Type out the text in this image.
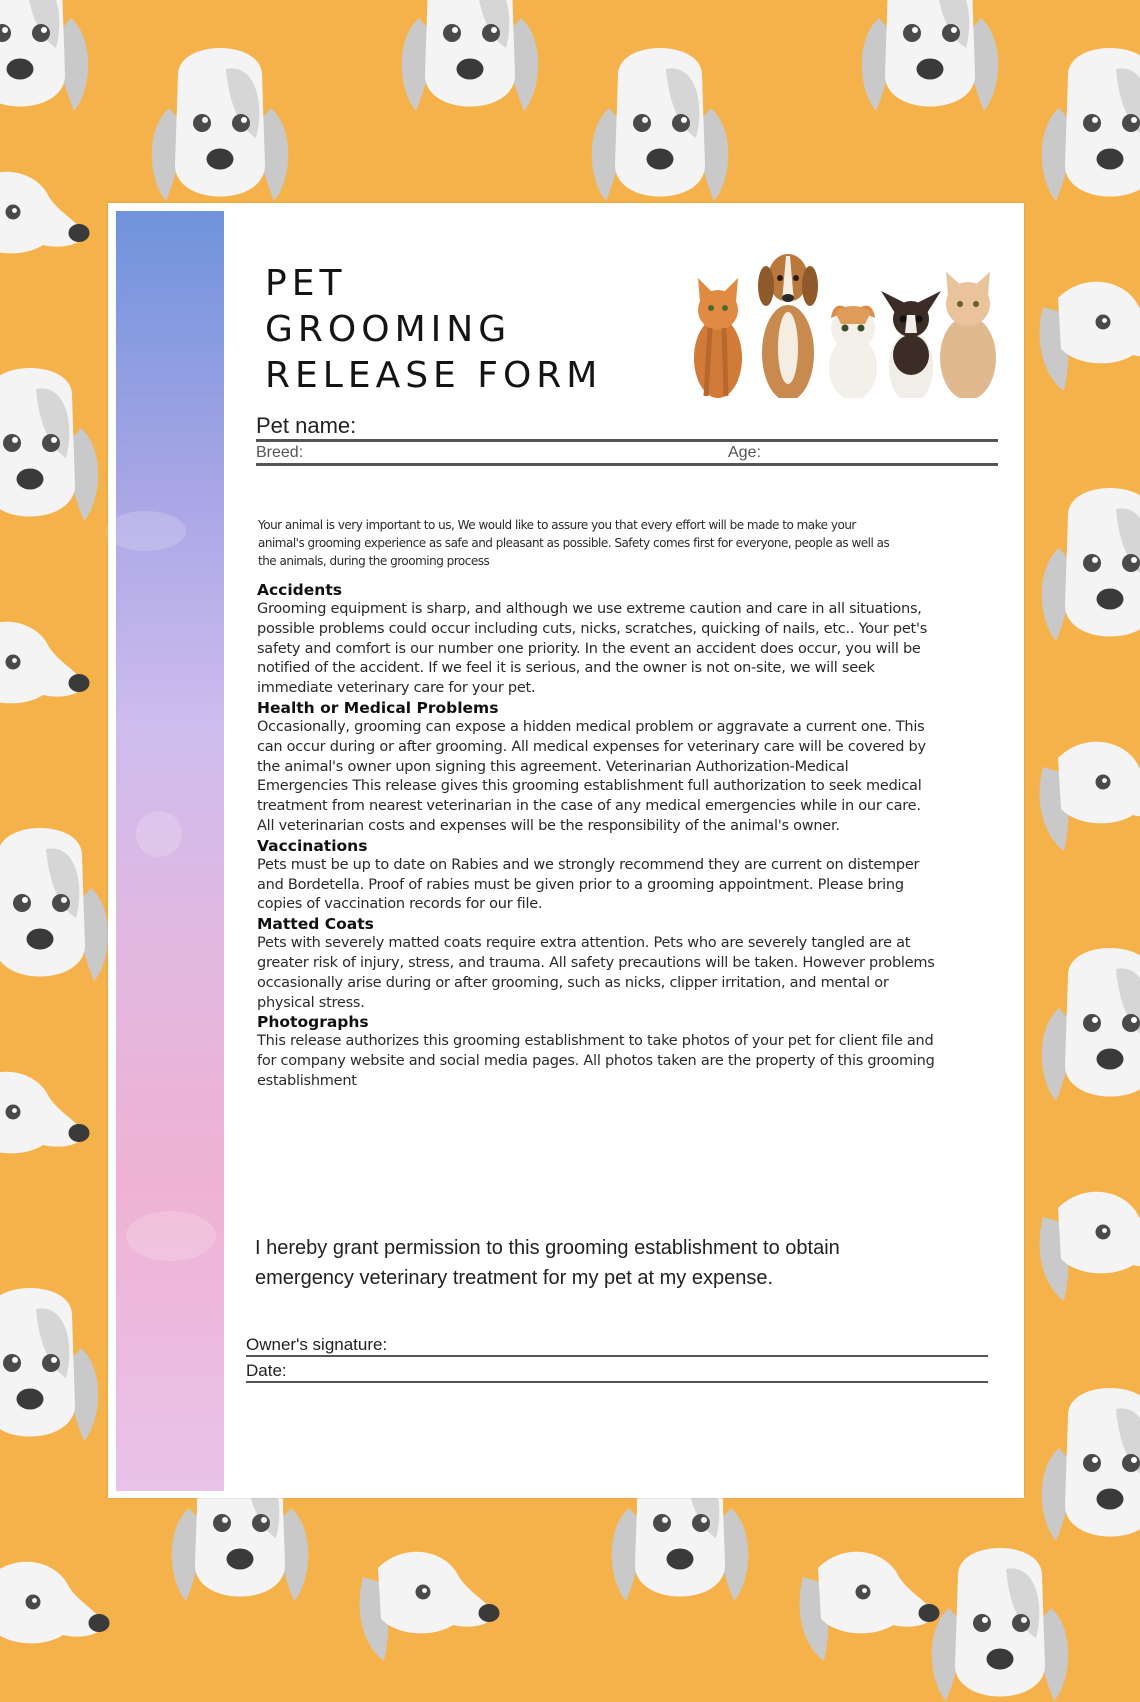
PET
GROOMING
RELEASE FORM
Pet name:
Breed:	Age:

Your animal is very important to us, We would like to assure you that every effort will be made to make your animal's grooming experience as safe and pleasant as possible. Safety comes first for everyone, people as well as the animals, during the grooming process

Accidents

Grooming equipment is sharp, and although we use extreme caution and care in all situations, possible problems could occur including cuts, nicks, scratches, quicking of nails, etc.. Your pet's safety and comfort is our number one priority. In the event an accident does occur, you will be notified of the accident. If we feel it is serious, and the owner is not on-site, we will seek immediate veterinary care for your pet.

Health or Medical Problems

Occasionally, grooming can expose a hidden medical problem or aggravate a current one. This can occur during or after grooming. All medical expenses for veterinary care will be covered by the animal's owner upon signing this agreement. Veterinarian Authorization-Medical Emergencies This release gives this grooming establishment full authorization to seek medical treatment from nearest veterinarian in the case of any medical emergencies while in our care. All veterinarian costs and expenses will be the responsibility of the animal's owner.

Vaccinations

Pets must be up to date on Rabies and we strongly recommend they are current on distemper and Bordetella. Proof of rabies must be given prior to a grooming appointment. Please bring copies of vaccination records for our file.

Matted Coats

Pets with severely matted coats require extra attention. Pets who are severely tangled are at greater risk of injury, stress, and trauma. All safety precautions will be taken. However problems occasionally arise during or after grooming, such as nicks, clipper irritation, and mental or physical stress.

Photographs

This release authorizes this grooming establishment to take photos of your pet for client file and for company website and social media pages. All photos taken are the property of this grooming establishment

I hereby grant permission to this grooming establishment to obtain emergency veterinary treatment for my pet at my expense.

Owner's signature:
Date:
